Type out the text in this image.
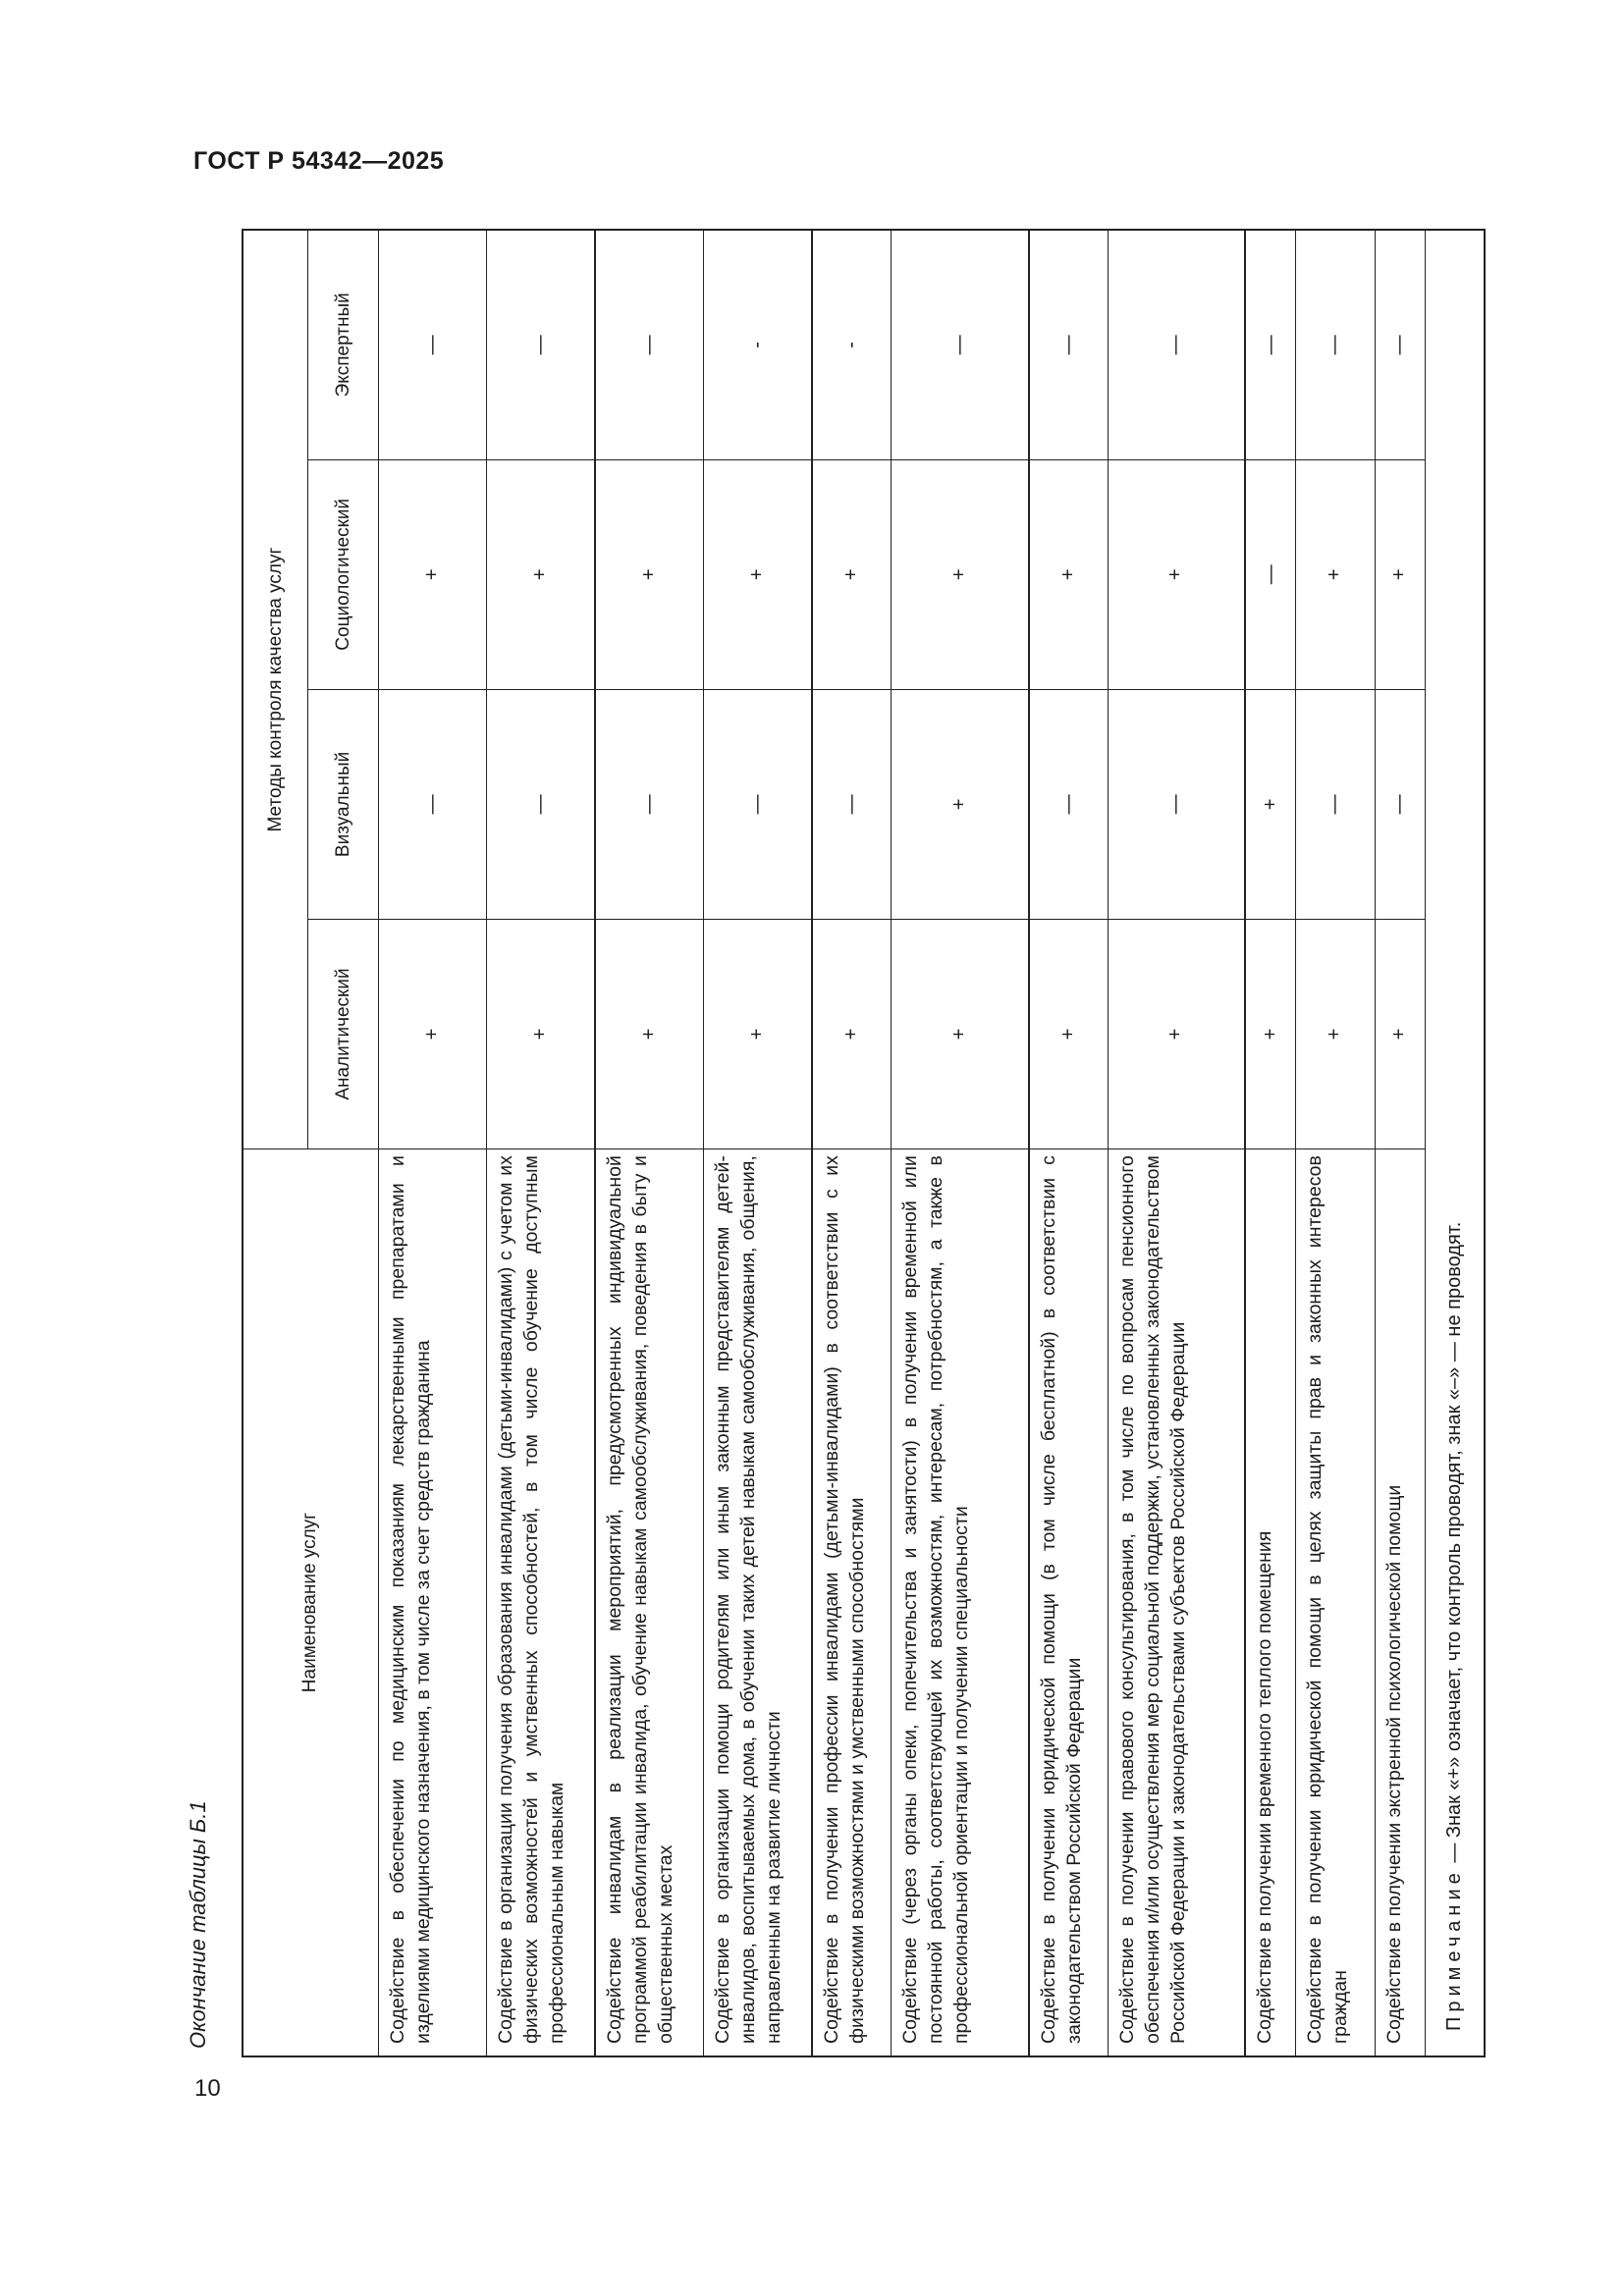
ГОСТ Р 54342—2025
Окончание таблицы Б.1
Наименование услуг	Методы контроля качества услуг			
	Аналитический	Визуальный	Социологический	Экспертный
Содействие в обеспечении по медицинским показаниям лекарственными препаратами и изделиями медицинского назначения, в том числе за счет средств гражданина	+	—	+	—
Содействие в организации получения образования инвалидами (детьми-инвалидами) с учетом их физических возможностей и умственных способностей, в том числе обучение доступным профессиональным навыкам	+	—	+	—
Содействие инвалидам в реализации мероприятий, предусмотренных индивидуальной программой реабилитации инвалида, обучение навыкам самообслуживания, поведения в быту и общественных местах	+	—	+	—
Содействие в организации помощи родителям или иным законным представителям детей-инвалидов, воспитываемых дома, в обучении таких детей навыкам самообслуживания, общения, направленным на развитие личности	+	—	+	-
Содействие в получении профессии инвалидами (детьми-инвалидами) в соответствии с их физическими возможностями и умственными способностями	+	—	+	-
Содействие (через органы опеки, попечительства и занятости) в получении временной или постоянной работы, соответствующей их возможностям, интересам, потребностям, а также в профессиональной ориентации и получении специальности	+	+	+	—
Содействие в получении юридической помощи (в том числе бесплатной) в соответствии с законодательством Российской Федерации	+	—	+	—
Содействие в получении правового консультирования, в том числе по вопросам пенсионного обеспечения и/или осуществления мер социальной поддержки, установленных законодательством Российской Федерации и законодательствами субъектов Российской Федерации	+	—	+	—
Содействие в получении временного теплого помещения	+	+	—	—
Содействие в получении юридической помощи в целях защиты прав и законных интересов граждан	+	—	+	—
Содействие в получении экстренной психологической помощи	+	—	+	—
Примечание — Знак «+» означает, что контроль проводят, знак «–» — не проводят.				
10
